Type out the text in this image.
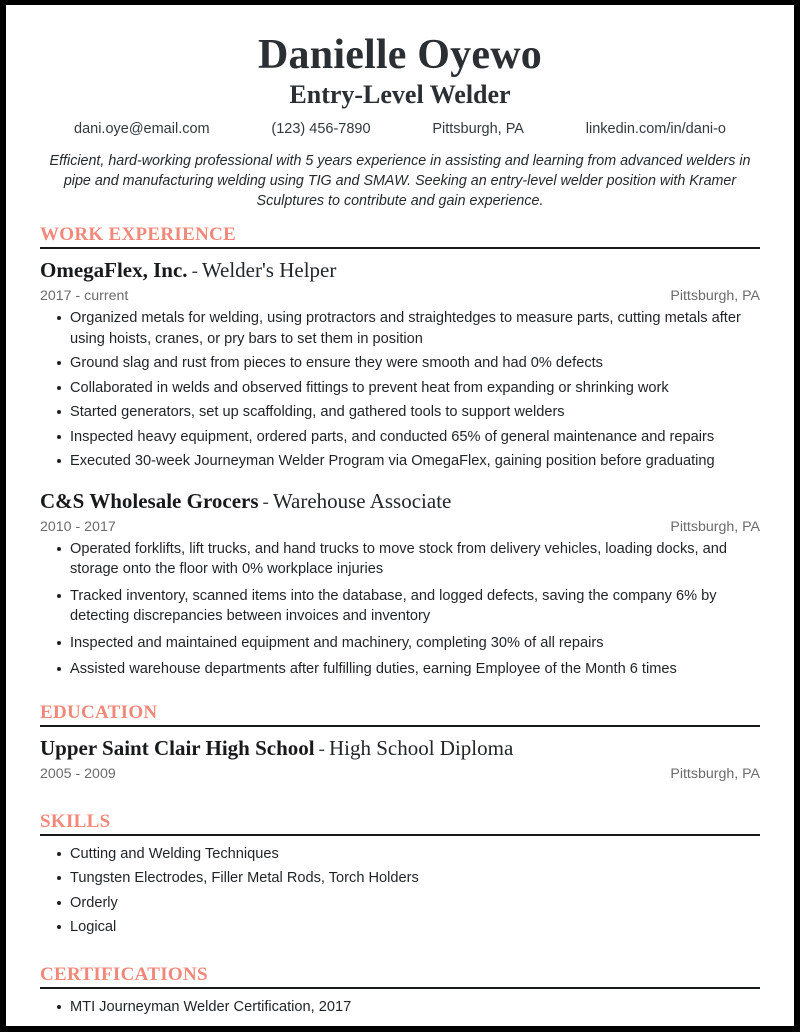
Danielle Oyewo
Entry-Level Welder
dani.oye@email.com	(123) 456-7890	Pittsburgh, PA	linkedin.com/in/dani-o
Efficient, hard-working professional with 5 years experience in assisting and learning from advanced welders in pipe and manufacturing welding using TIG and SMAW. Seeking an entry-level welder position with Kramer Sculptures to contribute and gain experience.
WORK EXPERIENCE
OmegaFlex, Inc. - Welder's Helper
2017 - current	Pittsburgh, PA
Organized metals for welding, using protractors and straightedges to measure parts, cutting metals after using hoists, cranes, or pry bars to set them in position
Ground slag and rust from pieces to ensure they were smooth and had 0% defects
Collaborated in welds and observed fittings to prevent heat from expanding or shrinking work
Started generators, set up scaffolding, and gathered tools to support welders
Inspected heavy equipment, ordered parts, and conducted 65% of general maintenance and repairs
Executed 30-week Journeyman Welder Program via OmegaFlex, gaining position before graduating
C&S Wholesale Grocers - Warehouse Associate
2010 - 2017	Pittsburgh, PA
Operated forklifts, lift trucks, and hand trucks to move stock from delivery vehicles, loading docks, and storage onto the floor with 0% workplace injuries
Tracked inventory, scanned items into the database, and logged defects, saving the company 6% by detecting discrepancies between invoices and inventory
Inspected and maintained equipment and machinery, completing 30% of all repairs
Assisted warehouse departments after fulfilling duties, earning Employee of the Month 6 times
EDUCATION
Upper Saint Clair High School - High School Diploma
2005 - 2009	Pittsburgh, PA
SKILLS
Cutting and Welding Techniques
Tungsten Electrodes, Filler Metal Rods, Torch Holders
Orderly
Logical
CERTIFICATIONS
MTI Journeyman Welder Certification, 2017
